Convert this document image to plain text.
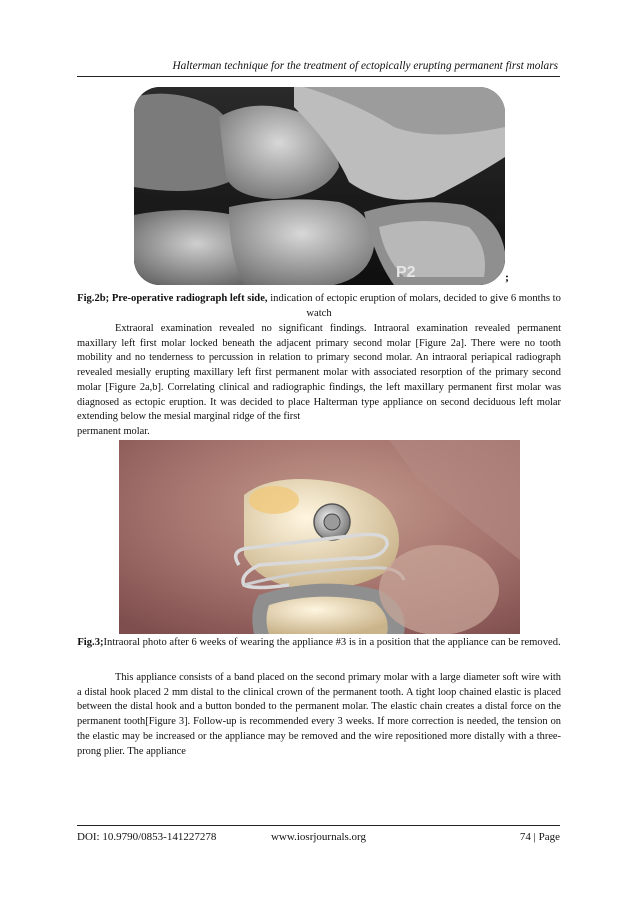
Halterman technique for the treatment of ectopically erupting permanent first molars
P2	;
Fig.2b; Pre-operative radiograph left side, indication of ectopic eruption of molars, decided to give 6 months to watch
Extraoral examination revealed no significant findings. Intraoral examination revealed permanent maxillary left first molar locked beneath the adjacent primary second molar [Figure 2a]. There were no tooth mobility and no tenderness to percussion in relation to primary second molar. An intraoral periapical radiograph revealed mesially erupting maxillary left first permanent molar with associated resorption of the primary second molar [Figure 2a,b]. Correlating clinical and radiographic findings, the left maxillary permanent first molar was diagnosed as ectopic eruption. It was decided to place Halterman type appliance on second deciduous left molar extending below the mesial marginal ridge of the first
permanent molar.
Fig.3;Intraoral photo after 6 weeks of wearing the appliance #3 is in a position that the appliance can be removed.
This appliance consists of a band placed on the second primary molar with a large diameter soft wire with a distal hook placed 2 mm distal to the clinical crown of the permanent tooth. A tight loop chained elastic is placed between the distal hook and a button bonded to the permanent molar. The elastic chain creates a distal force on the permanent tooth[Figure 3]. Follow-up is recommended every 3 weeks. If more correction is needed, the tension on the elastic may be increased or the appliance may be removed and the wire repositioned more distally with a three-prong plier. The appliance
DOI: 10.9790/0853-141227278	www.iosrjournals.org	74 | Page
